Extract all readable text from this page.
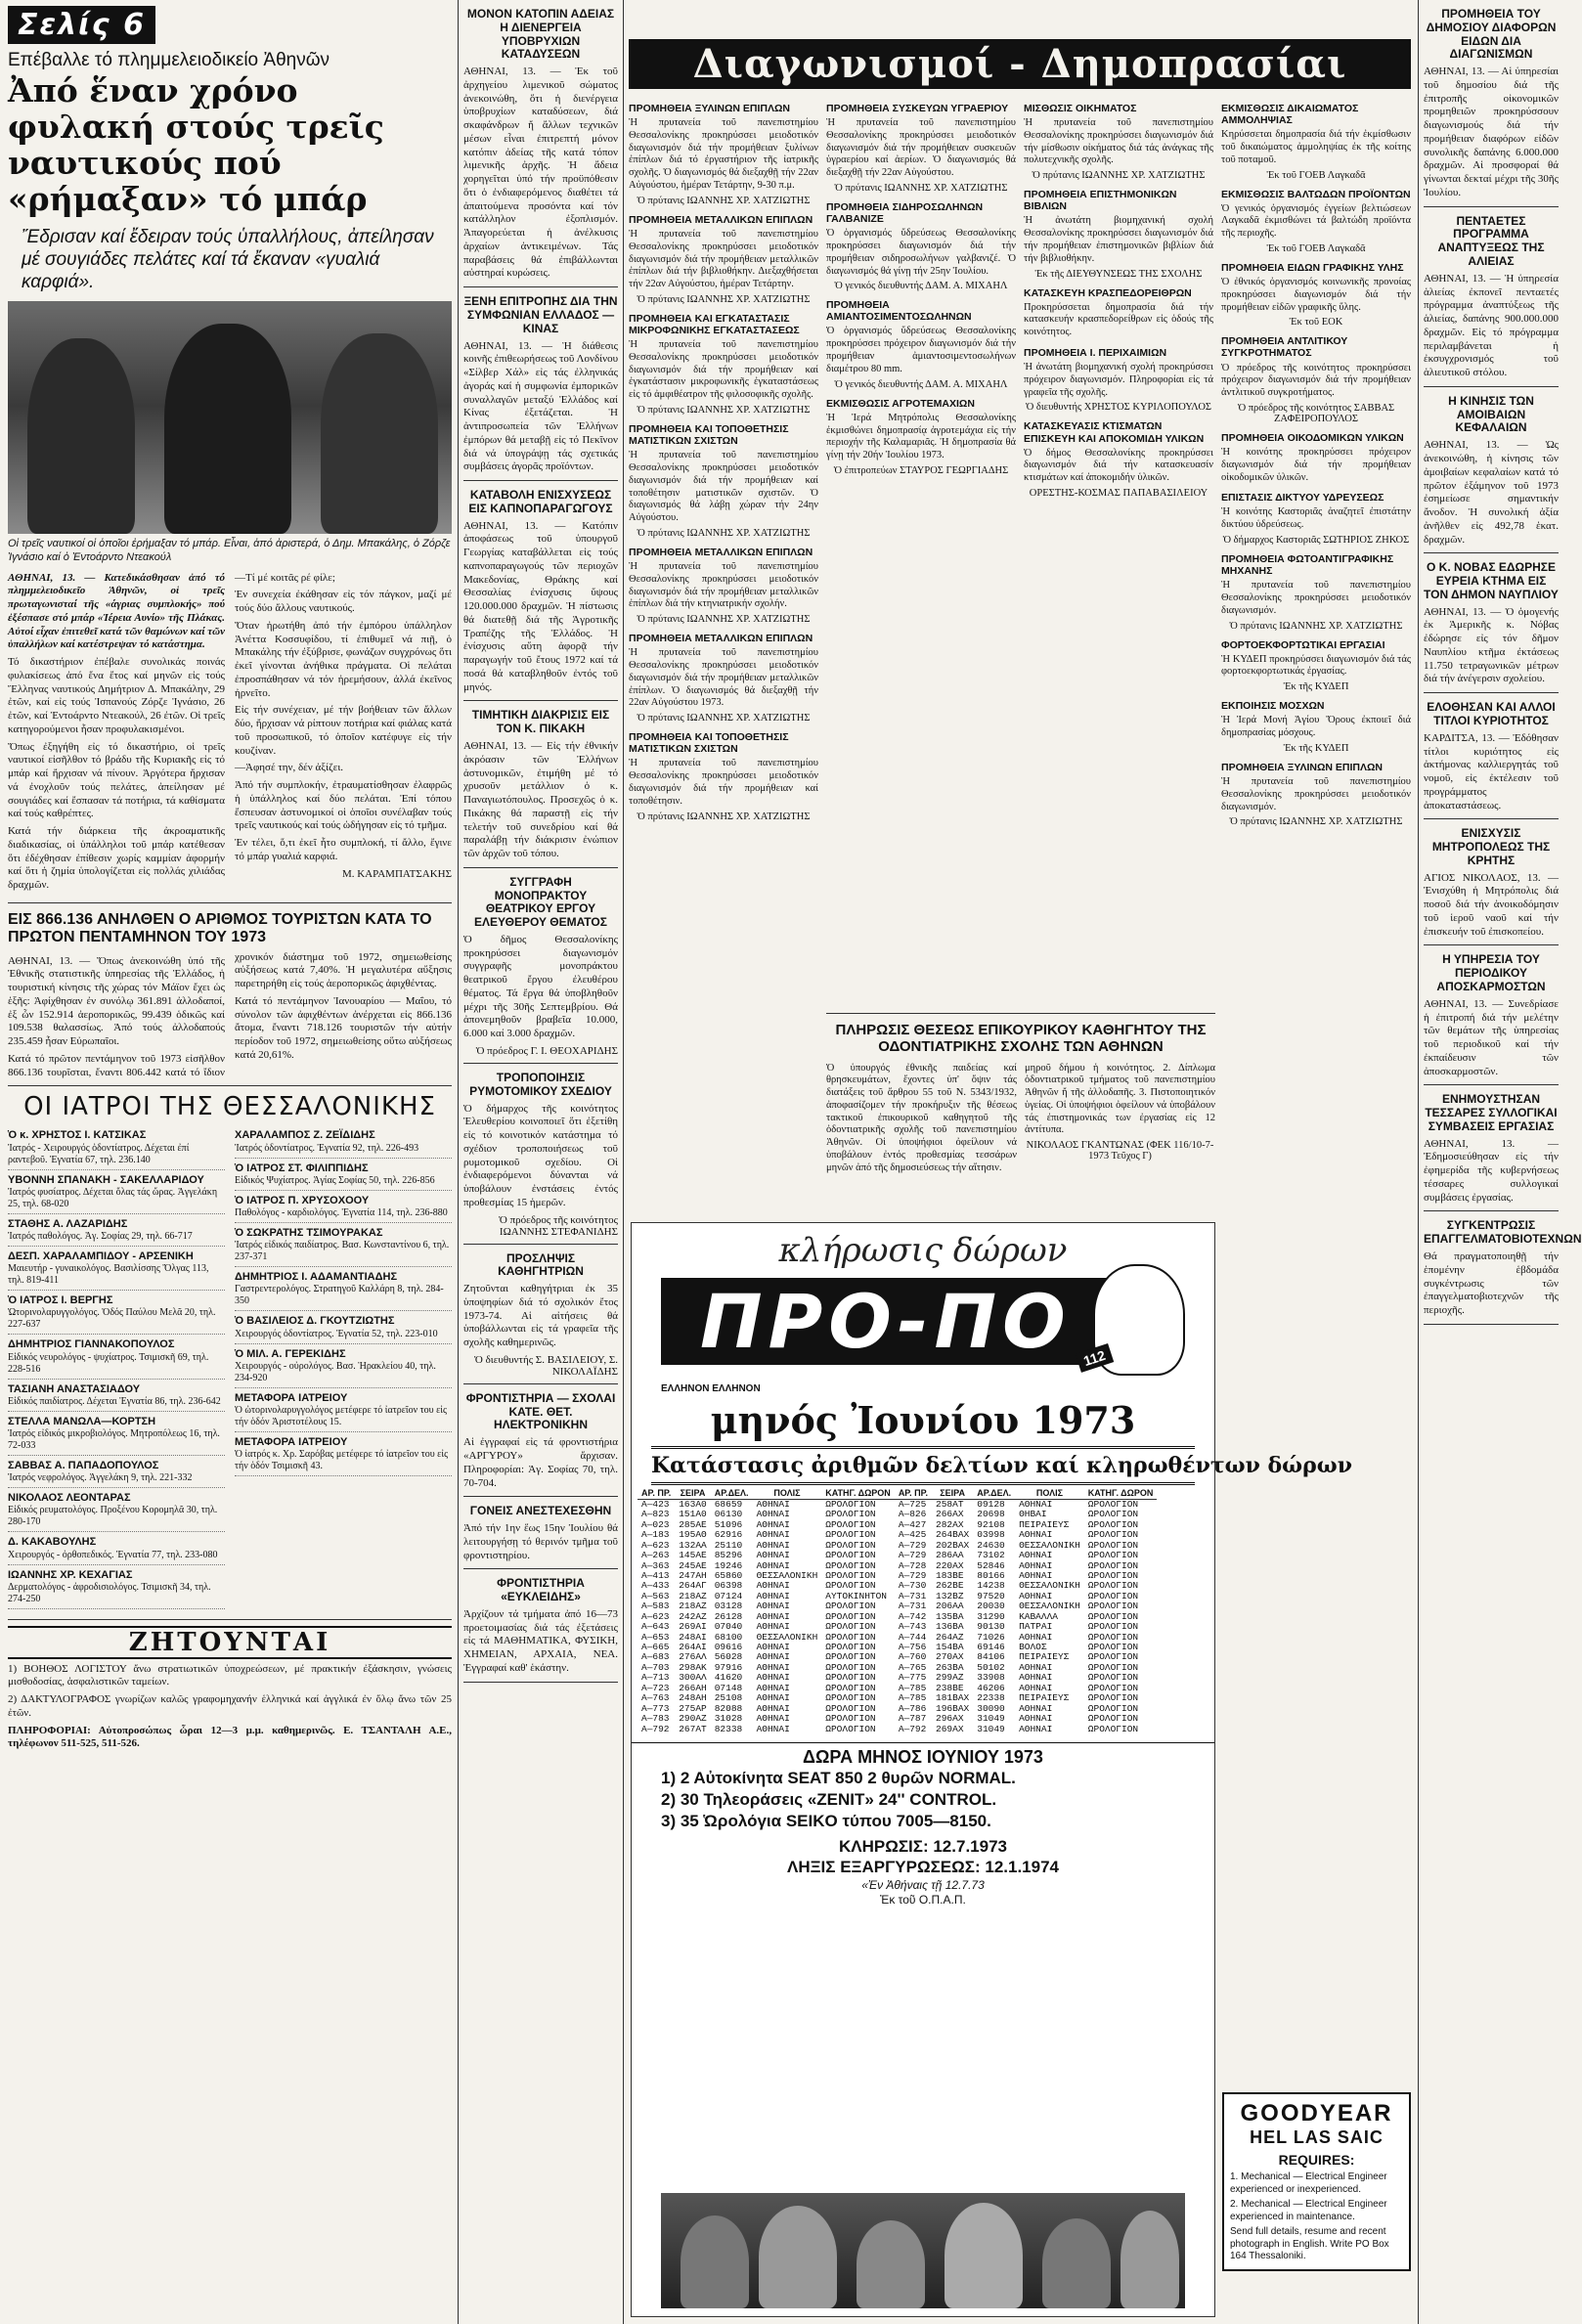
Σελίς 6
Επέβαλλε τό πλημμελειοδικείο Ἀθηνῶν
Ἀπό ἕναν χρόνο φυλακή στούς τρεῖς ναυτικούς πού «ρήμαξαν» τό μπάρ
Ἔδρισαν καί ἔδειραν τούς ὑπαλλήλους, ἀπείλησαν μέ σουγιάδες πελάτες καί τά ἔκαναν «γυαλιά καρφιά».
Οἱ τρεῖς ναυτικοί οἱ ὁποῖοι ἐρήμαξαν τό μπάρ. Εἶναι, ἀπό ἀριστερά, ὁ Δημ. Μπακάλης, ὁ Ζόρζε Ἰγνάσιο καί ὁ Ἐντοάρντο Ντεακούλ

ΑΘΗΝΑΙ, 13. — Κατεδικάσθησαν ἀπό τό πλημμελειοδικεῖο Ἀθηνῶν, οἱ τρεῖς πρωταγωνισταί τῆς «άγριας συμπλοκής» πού ἐξέσπασε στό μπάρ «Ἰέρεια Αυνίο» τῆς Πλάκας. Αὐτοί εἶχαν ἐπιτεθεῖ κατά τῶν θαμώνων καί τῶν ὑπαλλήλων καί κατέστρεψαν τό κατάστημα.

Τό δικαστήριον ἐπέβαλε συνολικάς ποινάς φυλακίσεως ἀπό ἕνα ἔτος καί μηνῶν εἰς τούς Ἕλληνας ναυτικούς Δημήτριον Δ. Μπακάλην, 29 ἐτῶν, καί εἰς τούς Ἰσπανούς Ζόρζε Ἰγνάσιο, 26 ἐτῶν, καί Ἐντοάρντο Ντεακούλ, 26 ἐτῶν. Οἱ τρεῖς κατηγορούμενοι ἦσαν προφυλακισμένοι.

Ὅπως ἐξηγήθη εἰς τό δικαστήριο, οἱ τρεῖς ναυτικοί εἰσῆλθον τό βράδυ τῆς Κυριακῆς εἰς τό μπάρ καί ἤρχισαν νά πίνουν. Ἀργότερα ἤρχισαν νά ἐνοχλοῦν τούς πελάτες, ἀπείλησαν μέ σουγιάδες καί ἔσπασαν τά ποτήρια, τά καθίσματα καί τούς καθρέπτες.

Κατά τήν διάρκεια τῆς ἀκροαματικῆς διαδικασίας, οἱ ὑπάλληλοι τοῦ μπάρ κατέθεσαν ὅτι ἐδέχθησαν ἐπίθεσιν χωρίς καμμίαν ἀφορμήν καί ὅτι ἡ ζημία ὑπολογίζεται εἰς πολλάς χιλιάδας δραχμῶν.

—Τί μέ κοιτᾶς ρέ φίλε;

Ἐν συνεχεία ἐκάθησαν εἰς τόν πάγκον, μαζί μέ τούς δύο ἄλλους ναυτικούς.

Ὅταν ἠρωτήθη ἀπό τήν ἐμπόρου ὑπάλληλον Ἀνέττα Κοσσυφίδου, τί ἐπιθυμεῖ νά πιῇ, ὁ Μπακάλης τήν ἐξύβρισε, φωνάζων συγχρόνως ὅτι ἐκεῖ γίνονται ἀνήθικα πράγματα. Οἱ πελάται ἐπροσπάθησαν νά τόν ἠρεμήσουν, ἀλλά ἐκεῖνος ἠρνεῖτο.

Εἰς τήν συνέχειαν, μέ τήν βοήθειαν τῶν ἄλλων δύο, ἤρχισαν νά ρίπτουν ποτήρια καί φιάλας κατά τοῦ προσωπικοῦ, τό ὁποῖον κατέφυγε εἰς τήν κουζίναν.

—Ἀφησέ την, δέν ἀξίζει.

Ἀπό τήν συμπλοκήν, ἐτραυματίσθησαν ἐλαφρῶς ἡ ὑπάλληλος καί δύο πελάται. Ἐπί τόπου ἔσπευσαν ἀστυνομικοί οἱ ὁποῖοι συνέλαβαν τούς τρεῖς ναυτικούς καί τούς ὡδήγησαν εἰς τό τμῆμα.

Ἐν τέλει, ὅ,τι ἐκεῖ ἦτο συμπλοκή, τί ἄλλο, ἔγινε τό μπάρ γυαλιά καρφιά.

Μ. ΚΑΡΑΜΠΑΤΣΑΚΗΣ
ΕΙΣ 866.136 ΑΝΗΛΘΕΝ Ο ΑΡΙΘΜΟΣ ΤΟΥΡΙΣΤΩΝ ΚΑΤΑ ΤΟ ΠΡΩΤΟΝ ΠΕΝΤΑΜΗΝΟΝ ΤΟΥ 1973

ΑΘΗΝΑΙ, 13. — Ὅπως ἀνεκοινώθη ὑπό τῆς Ἐθνικῆς στατιστικῆς ὑπηρεσίας τῆς Ἑλλάδος, ἡ τουριστική κίνησις τῆς χώρας τόν Μάϊον ἔχει ὡς ἑξῆς: Ἀφίχθησαν ἐν συνόλῳ 361.891 ἀλλοδαποί, ἐξ ὧν 152.914 ἀεροπορικῶς, 99.439 ὁδικῶς καί 109.538 θαλασσίως. Ἀπό τούς ἀλλοδαπούς 235.459 ἦσαν Εὐρωπαῖοι.

Κατά τό πρῶτον πεντάμηνον τοῦ 1973 εἰσῆλθον 866.136 τουρῖσται, ἔναντι 806.442 κατά τό ἴδιον χρονικόν διάστημα τοῦ 1972, σημειωθείσης αὐξήσεως κατά 7,40%. Ἡ μεγαλυτέρα αὔξησις παρετηρήθη εἰς τούς ἀεροπορικῶς ἀφιχθέντας.

Κατά τό πεντάμηνον Ἰανουαρίου — Μαΐου, τό σύνολον τῶν ἀφιχθέντων ἀνέρχεται εἰς 866.136 ἄτομα, ἔναντι 718.126 τουριστῶν τήν αὐτήν περίοδον τοῦ 1972, σημειωθείσης οὕτω αὐξήσεως κατά 20,61%.

ΟΙ ΙΑΤΡΟΙ ΤΗΣ ΘΕΣΣΑΛΟΝΙΚΗΣ
Ὁ κ. ΧΡΗΣΤΟΣ Ι. ΚΑΤΣΙΚΑΣ
Ἰατρός - Χειρουργός ὀδοντίατρος. Δέχεται ἐπί ραντεβοῦ. Ἐγνατία 67, τηλ. 236.140
ΥΒΟΝΝΗ ΣΠΑΝΑΚΗ - ΣΑΚΕΛΛΑΡΙΔΟΥ
Ἰατρός φυσίατρος. Δέχεται ὅλας τάς ὥρας. Ἀγγελάκη 25, τηλ. 68-020
ΣΤΑΘΗΣ Α. ΛΑΖΑΡΙΔΗΣ
Ἰατρός παθολόγος. Ἁγ. Σοφίας 29, τηλ. 66-717
ΔΕΣΠ. ΧΑΡΑΛΑΜΠΙΔΟΥ - ΑΡΣΕΝΙΚΗ
Μαιευτήρ - γυναικολόγος. Βασιλίσσης Ὄλγας 113, τηλ. 819-411
Ὁ ΙΑΤΡΟΣ Ι. ΒΕΡΓΗΣ
Ὠτορινολαρυγγολόγος. Ὁδός Παύλου Μελᾶ 20, τηλ. 227-637
ΔΗΜΗΤΡΙΟΣ ΓΙΑΝΝΑΚΟΠΟΥΛΟΣ
Εἰδικός νευρολόγος - ψυχίατρος. Τσιμισκῆ 69, τηλ. 228-516
ΤΑΣΙΑΝΗ ΑΝΑΣΤΑΣΙΑΔΟΥ
Εἰδικός παιδίατρος. Δέχεται Ἐγνατία 86, τηλ. 236-642
ΣΤΕΛΛΑ ΜΑΝΩΛΑ—ΚΟΡΤΣΗ
Ἰατρός εἰδικός μικροβιολόγος. Μητροπόλεως 16, τηλ. 72-033
ΣΑΒΒΑΣ Α. ΠΑΠΑΔΟΠΟΥΛΟΣ
Ἰατρός νεφρολόγος. Ἀγγελάκη 9, τηλ. 221-332
ΝΙΚΟΛΑΟΣ ΛΕΟΝΤΑΡΑΣ
Εἰδικός ρευματολόγος. Προξένου Κορομηλᾶ 30, τηλ. 280-170
Δ. ΚΑΚΑΒΟΥΛΗΣ
Χειρουργός - ὀρθοπεδικός. Ἐγνατία 77, τηλ. 233-080
ΙΩΑΝΝΗΣ ΧΡ. ΚΕΧΑΓΙΑΣ
Δερματολόγος - ἀφροδισιολόγος. Τσιμισκῆ 34, τηλ. 274-250
ΧΑΡΑΛΑΜΠΟΣ Ζ. ΖΕΪΔΙΔΗΣ
Ἰατρός ὀδοντίατρος. Ἐγνατία 92, τηλ. 226-493
Ὁ ΙΑΤΡΟΣ ΣΤ. ΦΙΛΙΠΠΙΔΗΣ
Εἰδικός Ψυχίατρος. Ἀγίας Σοφίας 50, τηλ. 226-856
Ὁ ΙΑΤΡΟΣ Π. ΧΡΥΣΟΧΟΟΥ
Παθολόγος - καρδιολόγος. Ἐγνατία 114, τηλ. 236-880
Ὁ ΣΩΚΡΑΤΗΣ ΤΣΙΜΟΥΡΑΚΑΣ
Ἰατρός εἰδικός παιδίατρος. Βασ. Κωνσταντίνου 6, τηλ. 237-371
ΔΗΜΗΤΡΙΟΣ Ι. ΑΔΑΜΑΝΤΙΑΔΗΣ
Γαστρεντερολόγος. Στρατηγοῦ Καλλάρη 8, τηλ. 284-350
Ὁ ΒΑΣΙΛΕΙΟΣ Δ. ΓΚΟΥΤΖΙΩΤΗΣ
Χειρουργός ὀδοντίατρος. Ἐγνατία 52, τηλ. 223-010
Ὁ ΜΙΛ. Α. ΓΕΡΕΚΙΔΗΣ
Χειρουργός - οὐρολόγος. Βασ. Ἡρακλείου 40, τηλ. 234-920
ΜΕΤΑΦΟΡΑ ΙΑΤΡΕΙΟΥ
Ὁ ὠτορινολαρυγγολόγος μετέφερε τό ἰατρεῖον του εἰς τήν ὁδόν Ἀριστοτέλους 15.
ΜΕΤΑΦΟΡΑ ΙΑΤΡΕΙΟΥ
Ὁ ἰατρός κ. Χρ. Σαρόβας μετέφερε τό ἰατρεῖον του εἰς τήν ὁδόν Τσιμισκῆ 43.
ΖΗΤΟΥΝΤΑΙ

1) ΒΟΗΘΟΣ ΛΟΓΙΣΤΟΥ ἄνω στρατιωτικῶν ὑποχρεώσεων, μέ πρακτικήν ἐξάσκησιν, γνώσεις μισθοδοσίας, ἀσφαλιστικῶν ταμείων.

2) ΔΑΚΤΥΛΟΓΡΑΦΟΣ γνωρίζων καλῶς γραφομηχανήν ἑλληνικά καί ἀγγλικά ἐν ὅλῳ ἄνω τῶν 25 ἐτῶν.

ΠΛΗΡΟΦΟΡΙΑΙ: Αὐτοπροσώπως ὧραι 12—3 μ.μ. καθημερινῶς. Ε. ΤΣΑΝΤΑΛΗ Α.Ε., τηλέφωνον 511-525, 511-526.

ΜΟΝΟΝ ΚΑΤΟΠΙΝ ΑΔΕΙΑΣ Η ΔΙΕΝΕΡΓΕΙΑ ΥΠΟΒΡΥΧΙΩΝ ΚΑΤΑΔΥΣΕΩΝ

ΑΘΗΝΑΙ, 13. — Ἐκ τοῦ ἀρχηγείου λιμενικοῦ σώματος ἀνεκοινώθη, ὅτι ἡ διενέργεια ὑποβρυχίων καταδύσεων, διά σκαφάνδρων ἤ ἄλλων τεχνικῶν μέσων εἶναι ἐπιτρεπτή μόνον κατόπιν ἀδείας τῆς κατά τόπον λιμενικῆς ἀρχῆς. Ἡ ἄδεια χορηγεῖται ὑπό τήν προϋπόθεσιν ὅτι ὁ ἐνδιαφερόμενος διαθέτει τά ἀπαιτούμενα προσόντα καί τόν κατάλληλον ἐξοπλισμόν. Ἀπαγορεύεται ἡ ἀνέλκυσις ἀρχαίων ἀντικειμένων. Τάς παραβάσεις θά ἐπιβάλλωνται αὐστηραί κυρώσεις.

ΞΕΝΗ ΕΠΙΤΡΟΠΗΣ ΔΙΑ ΤΗΝ ΣΥΜΦΩΝΙΑΝ ΕΛΛΑΔΟΣ — ΚΙΝΑΣ

ΑΘΗΝΑΙ, 13. — Ἡ διάθεσις κοινῆς ἐπιθεωρήσεως τοῦ Λονδίνου «Σίλβερ Χάλ» εἰς τάς ἐλληνικάς ἀγοράς καί ἡ συμφωνία ἐμπορικῶν συναλλαγῶν μεταξύ Ἑλλάδος καί Κίνας ἐξετάζεται. Ἡ ἀντιπροσωπεία τῶν Ἑλλήνων ἐμπόρων θά μεταβῇ εἰς τό Πεκῖνον διά νά ὑπογράψῃ τάς σχετικάς συμβάσεις ἀγορᾶς προϊόντων.

ΚΑΤΑΒΟΛΗ ΕΝΙΣΧΥΣΕΩΣ ΕΙΣ ΚΑΠΝΟΠΑΡΑΓΩΓΟΥΣ

ΑΘΗΝΑΙ, 13. — Κατόπιν ἀποφάσεως τοῦ ὑπουργοῦ Γεωργίας καταβάλλεται εἰς τούς καπνοπαραγωγούς τῶν περιοχῶν Μακεδονίας, Θράκης καί Θεσσαλίας ἐνίσχυσις ὕψους 120.000.000 δραχμῶν. Ἡ πίστωσις θά διατεθῇ διά τῆς Ἀγροτικῆς Τραπέζης τῆς Ἑλλάδος. Ἡ ἐνίσχυσις αὕτη ἀφορᾷ τήν παραγωγήν τοῦ ἔτους 1972 καί τά ποσά θά καταβληθοῦν ἐντός τοῦ μηνός.

ΤΙΜΗΤΙΚΗ ΔΙΑΚΡΙΣΙΣ ΕΙΣ ΤΟΝ Κ. ΠΙΚΑΚΗ

ΑΘΗΝΑΙ, 13. — Εἰς τήν ἐθνικήν ἀκρόασιν τῶν Ἑλλήνων ἀστυνομικῶν, ἐτιμήθη μέ τό χρυσοῦν μετάλλιον ὁ κ. Παναγιωτόπουλος. Προσεχῶς ὁ κ. Πικάκης θά παραστῇ εἰς τήν τελετήν τοῦ συνεδρίου καί θά παραλάβῃ τήν διάκρισιν ἐνώπιον τῶν ἀρχῶν τοῦ τόπου.

ΣΥΓΓΡΑΦΗ ΜΟΝΟΠΡΑΚΤΟΥ ΘΕΑΤΡΙΚΟΥ ΕΡΓΟΥ ΕΛΕΥΘΕΡΟΥ ΘΕΜΑΤΟΣ

Ὁ δῆμος Θεσσαλονίκης προκηρύσσει διαγωνισμόν συγγραφῆς μονοπράκτου θεατρικοῦ ἔργου ἐλευθέρου θέματος. Τά ἔργα θά ὑποβληθοῦν μέχρι τῆς 30ῆς Σεπτεμβρίου. Θά ἀπονεμηθοῦν βραβεῖα 10.000, 6.000 καί 3.000 δραχμῶν.

Ὁ πρόεδρος Γ. Ι. ΘΕΟΧΑΡΙΔΗΣ
ΤΡΟΠΟΠΟΙΗΣΙΣ ΡΥΜΟΤΟΜΙΚΟΥ ΣΧΕΔΙΟΥ

Ὁ δήμαρχος τῆς κοινότητος Ἐλευθερίου κοινοποιεῖ ὅτι ἐξετίθη εἰς τό κοινοτικόν κατάστημα τό σχέδιον τροποποιήσεως τοῦ ρυμοτομικοῦ σχεδίου. Οἱ ἐνδιαφερόμενοι δύνανται νά ὑποβάλουν ἐνστάσεις ἐντός προθεσμίας 15 ἡμερῶν.

Ὁ πρόεδρος τῆς κοινότητος ΙΩΑΝΝΗΣ ΣΤΕΦΑΝΙΔΗΣ
ΠΡΟΣΛΗΨΙΣ ΚΑΘΗΓΗΤΡΙΩΝ

Ζητοῦνται καθηγήτριαι ἐκ 35 ὑποψηφίων διά τό σχολικόν ἔτος 1973-74. Αἱ αἰτήσεις θά ὑποβάλλωνται εἰς τά γραφεῖα τῆς σχολῆς καθημερινῶς.

Ὁ διευθυντής Σ. ΒΑΣΙΛΕΙΟΥ, Σ. ΝΙΚΟΛΑΪΔΗΣ
ΦΡΟΝΤΙΣΤΗΡΙΑ — ΣΧΟΛΑΙ ΚΑΤΕ. ΘΕΤ. ΗΛΕΚΤΡΟΝΙΚΗΝ

Αἱ ἐγγραφαί εἰς τά φροντιστήρια «ΑΡΓΥΡΟΥ» ἄρχισαν. Πληροφορίαι: Ἁγ. Σοφίας 70, τηλ. 70-704.

ΓΟΝΕΙΣ ΑΝΕΣΤΕΧΕΣΘΗΝ

Ἀπό τήν 1ην ἕως 15ην Ἰουλίου θά λειτουργήσῃ τό θερινόν τμῆμα τοῦ φροντιστηρίου.

ΦΡΟΝΤΙΣΤΗΡΙΑ «ΕΥΚΛΕΙΔΗΣ»

Ἀρχίζουν τά τμήματα ἀπό 16—73 προετοιμασίας διά τάς ἐξετάσεις εἰς τά ΜΑΘΗΜΑΤΙΚΑ, ΦΥΣΙΚΗ, ΧΗΜΕΙΑΝ, ΑΡΧΑΙΑ, ΝΕΑ. Ἐγγραφαί καθ' ἑκάστην.

Διαγωνισμοί - Δημοπρασίαι
ΠΡΟΜΗΘΕΙΑ ΞΥΛΙΝΩΝ ΕΠΙΠΛΩΝ

Ἡ πρυτανεία τοῦ πανεπιστημίου Θεσσαλονίκης προκηρύσσει μειοδοτικόν διαγωνισμόν διά τήν προμήθειαν ξυλίνων ἐπίπλων διά τό ἐργαστήριον τῆς ἰατρικῆς σχολῆς. Ὁ διαγωνισμός θά διεξαχθῇ τήν 22αν Αὐγούστου, ἡμέραν Τετάρτην, 9-30 π.μ.

Ὁ πρύτανις ΙΩΑΝΝΗΣ ΧΡ. ΧΑΤΖΙΩΤΗΣ
ΠΡΟΜΗΘΕΙΑ ΜΕΤΑΛΛΙΚΩΝ ΕΠΙΠΛΩΝ

Ἡ πρυτανεία τοῦ πανεπιστημίου Θεσσαλονίκης προκηρύσσει μειοδοτικόν διαγωνισμόν διά τήν προμήθειαν μεταλλικῶν ἐπίπλων διά τήν βιβλιοθήκην. Διεξαχθήσεται τήν 22αν Αὐγούστου, ἡμέραν Τετάρτην.

Ὁ πρύτανις ΙΩΑΝΝΗΣ ΧΡ. ΧΑΤΖΙΩΤΗΣ
ΠΡΟΜΗΘΕΙΑ ΚΑΙ ΕΓΚΑΤΑΣΤΑΣΙΣ ΜΙΚΡΟΦΩΝΙΚΗΣ ΕΓΚΑΤΑΣΤΑΣΕΩΣ

Ἡ πρυτανεία τοῦ πανεπιστημίου Θεσσαλονίκης προκηρύσσει μειοδοτικόν διαγωνισμόν διά τήν προμήθειαν καί ἐγκατάστασιν μικροφωνικῆς ἐγκαταστάσεως εἰς τό ἀμφιθέατρον τῆς φιλοσοφικῆς σχολῆς.

Ὁ πρύτανις ΙΩΑΝΝΗΣ ΧΡ. ΧΑΤΖΙΩΤΗΣ
ΠΡΟΜΗΘΕΙΑ ΚΑΙ ΤΟΠΟΘΕΤΗΣΙΣ ΜΑΤΙΣΤΙΚΩΝ ΣΧΙΣΤΩΝ

Ἡ πρυτανεία τοῦ πανεπιστημίου Θεσσαλονίκης προκηρύσσει μειοδοτικόν διαγωνισμόν διά τήν προμήθειαν καί τοποθέτησιν ματιστικῶν σχιστῶν. Ὁ διαγωνισμός θά λάβῃ χώραν τήν 24ην Αὐγούστου.

Ὁ πρύτανις ΙΩΑΝΝΗΣ ΧΡ. ΧΑΤΖΙΩΤΗΣ
ΠΡΟΜΗΘΕΙΑ ΜΕΤΑΛΛΙΚΩΝ ΕΠΙΠΛΩΝ

Ἡ πρυτανεία τοῦ πανεπιστημίου Θεσσαλονίκης προκηρύσσει μειοδοτικόν διαγωνισμόν διά τήν προμήθειαν μεταλλικῶν ἐπίπλων διά τήν κτηνιατρικήν σχολήν.

Ὁ πρύτανις ΙΩΑΝΝΗΣ ΧΡ. ΧΑΤΖΙΩΤΗΣ
ΠΡΟΜΗΘΕΙΑ ΜΕΤΑΛΛΙΚΩΝ ΕΠΙΠΛΩΝ

Ἡ πρυτανεία τοῦ πανεπιστημίου Θεσσαλονίκης προκηρύσσει μειοδοτικόν διαγωνισμόν διά τήν προμήθειαν μεταλλικῶν ἐπίπλων. Ὁ διαγωνισμός θά διεξαχθῇ τήν 22αν Αὐγούστου 1973.

Ὁ πρύτανις ΙΩΑΝΝΗΣ ΧΡ. ΧΑΤΖΙΩΤΗΣ
ΠΡΟΜΗΘΕΙΑ ΚΑΙ ΤΟΠΟΘΕΤΗΣΙΣ ΜΑΤΙΣΤΙΚΩΝ ΣΧΙΣΤΩΝ

Ἡ πρυτανεία τοῦ πανεπιστημίου Θεσσαλονίκης προκηρύσσει μειοδοτικόν διαγωνισμόν διά τήν προμήθειαν καί τοποθέτησιν.

Ὁ πρύτανις ΙΩΑΝΝΗΣ ΧΡ. ΧΑΤΖΙΩΤΗΣ
ΠΡΟΜΗΘΕΙΑ ΣΥΣΚΕΥΩΝ ΥΓΡΑΕΡΙΟΥ

Ἡ πρυτανεία τοῦ πανεπιστημίου Θεσσαλονίκης προκηρύσσει μειοδοτικόν διαγωνισμόν διά τήν προμήθειαν συσκευῶν ὑγραερίου καί ἀερίων. Ὁ διαγωνισμός θά διεξαχθῇ τήν 22αν Αὐγούστου.

Ὁ πρύτανις ΙΩΑΝΝΗΣ ΧΡ. ΧΑΤΖΙΩΤΗΣ
ΠΡΟΜΗΘΕΙΑ ΣΙΔΗΡΟΣΩΛΗΝΩΝ ΓΑΛΒΑΝΙΖΕ

Ὁ ὀργανισμός ὕδρεύσεως Θεσσαλονίκης προκηρύσσει διαγωνισμόν διά τήν προμήθειαν σιδηροσωλήνων γαλβανιζέ. Ὁ διαγωνισμός θά γίνῃ τήν 25ην Ἰουλίου.

Ὁ γενικός διευθυντής ΔΑΜ. Α. ΜΙΧΑΗΛ
ΠΡΟΜΗΘΕΙΑ ΑΜΙΑΝΤΟΣΙΜΕΝΤΟΣΩΛΗΝΩΝ

Ὁ ὀργανισμός ὕδρεύσεως Θεσσαλονίκης προκηρύσσει πρόχειρον διαγωνισμόν διά τήν προμήθειαν ἀμιαντοσιμεντοσωλήνων διαμέτρου 80 mm.

Ὁ γενικός διευθυντής ΔΑΜ. Α. ΜΙΧΑΗΛ
ΕΚΜΙΣΘΩΣΙΣ ΑΓΡΟΤΕΜΑΧΙΩΝ

Ἡ Ἱερά Μητρόπολις Θεσσαλονίκης ἐκμισθώνει δημοπρασίᾳ ἀγροτεμάχια εἰς τήν περιοχήν τῆς Καλαμαριᾶς. Ἡ δημοπρασία θά γίνῃ τήν 20ήν Ἰουλίου 1973.

Ὁ ἐπιτροπεύων ΣΤΑΥΡΟΣ ΓΕΩΡΓΙΑΔΗΣ
ΜΙΣΘΩΣΙΣ ΟΙΚΗΜΑΤΟΣ

Ἡ πρυτανεία τοῦ πανεπιστημίου Θεσσαλονίκης προκηρύσσει διαγωνισμόν διά τήν μίσθωσιν οἰκήματος διά τάς ἀνάγκας τῆς πολυτεχνικῆς σχολῆς.

Ὁ πρύτανις ΙΩΑΝΝΗΣ ΧΡ. ΧΑΤΖΙΩΤΗΣ
ΠΡΟΜΗΘΕΙΑ ΕΠΙΣΤΗΜΟΝΙΚΩΝ ΒΙΒΛΙΩΝ

Ἡ ἀνωτάτη βιομηχανική σχολή Θεσσαλονίκης προκηρύσσει διαγωνισμόν διά τήν προμήθειαν ἐπιστημονικῶν βιβλίων διά τήν βιβλιοθήκην.

Ἐκ τῆς ΔΙΕΥΘΥΝΣΕΩΣ ΤΗΣ ΣΧΟΛΗΣ
ΚΑΤΑΣΚΕΥΗ ΚΡΑΣΠΕΔΟΡΕΙΘΡΩΝ

Προκηρύσσεται δημοπρασία διά τήν κατασκευήν κρασπεδορείθρων εἰς ὁδούς τῆς κοινότητος.

ΠΡΟΜΗΘΕΙΑ Ι. ΠΕΡΙΧΑΙΜΙΩΝ

Ἡ ἀνωτάτη βιομηχανική σχολή προκηρύσσει πρόχειρον διαγωνισμόν. Πληροφορίαι εἰς τά γραφεῖα τῆς σχολῆς.

Ὁ διευθυντής ΧΡΗΣΤΟΣ ΚΥΡΙΛΟΠΟΥΛΟΣ
ΚΑΤΑΣΚΕΥΑΣΙΣ ΚΤΙΣΜΑΤΩΝ ΕΠΙΣΚΕΥΗ ΚΑΙ ΑΠΟΚΟΜΙΔΗ ΥΛΙΚΩΝ

Ὁ δήμος Θεσσαλονίκης προκηρύσσει διαγωνισμόν διά τήν κατασκευασίν κτισμάτων καί ἀποκομιδήν ὑλικῶν.

ΟΡΕΣΤΗΣ-ΚΟΣΜΑΣ ΠΑΠΑΒΑΣΙΛΕΙΟΥ
ΕΚΜΙΣΘΩΣΙΣ ΔΙΚΑΙΩΜΑΤΟΣ ΑΜΜΟΛΗΨΙΑΣ

Κηρύσσεται δημοπρασία διά τήν ἐκμίσθωσιν τοῦ δικαιώματος ἀμμοληψίας ἐκ τῆς κοίτης τοῦ ποταμοῦ.

Ἐκ τοῦ ΓΟΕΒ Λαγκαδᾶ
ΕΚΜΙΣΘΩΣΙΣ ΒΑΛΤΩΔΩΝ ΠΡΟΪΟΝΤΩΝ

Ὁ γενικός ὀργανισμός ἐγγείων βελτιώσεων Λαγκαδᾶ ἐκμισθώνει τά βαλτώδη προϊόντα τῆς περιοχῆς.

Ἐκ τοῦ ΓΟΕΒ Λαγκαδᾶ
ΠΡΟΜΗΘΕΙΑ ΕΙΔΩΝ ΓΡΑΦΙΚΗΣ ΥΛΗΣ

Ὁ ἐθνικός ὀργανισμός κοινωνικῆς προνοίας προκηρύσσει διαγωνισμόν διά τήν προμήθειαν εἰδῶν γραφικῆς ὕλης.

Ἐκ τοῦ ΕΟΚ
ΠΡΟΜΗΘΕΙΑ ΑΝΤΛΙΤΙΚΟΥ ΣΥΓΚΡΟΤΗΜΑΤΟΣ

Ὁ πρόεδρος τῆς κοινότητος προκηρύσσει πρόχειρον διαγωνισμόν διά τήν προμήθειαν ἀντλιτικοῦ συγκροτήματος.

Ὁ πρόεδρος τῆς κοινότητος ΣΑΒΒΑΣ ΖΑΦΕΙΡΟΠΟΥΛΟΣ
ΠΡΟΜΗΘΕΙΑ ΟΙΚΟΔΟΜΙΚΩΝ ΥΛΙΚΩΝ

Ἡ κοινότης προκηρύσσει πρόχειρον διαγωνισμόν διά τήν προμήθειαν οἰκοδομικῶν ὑλικῶν.

ΕΠΙΣΤΑΣΙΣ ΔΙΚΤΥΟΥ ΥΔΡΕΥΣΕΩΣ

Ἡ κοινότης Καστοριᾶς ἀναζητεῖ ἐπιστάτην δικτύου ὑδρεύσεως.

Ὁ δήμαρχος Καστοριᾶς ΣΩΤΗΡΙΟΣ ΖΗΚΟΣ
ΠΡΟΜΗΘΕΙΑ ΦΩΤΟΑΝΤΙΓΡΑΦΙΚΗΣ ΜΗΧΑΝΗΣ

Ἡ πρυτανεία τοῦ πανεπιστημίου Θεσσαλονίκης προκηρύσσει μειοδοτικόν διαγωνισμόν.

Ὁ πρύτανις ΙΩΑΝΝΗΣ ΧΡ. ΧΑΤΖΙΩΤΗΣ
ΦΟΡΤΟΕΚΦΟΡΤΩΤΙΚΑΙ ΕΡΓΑΣΙΑΙ

Ἡ ΚΥΔΕΠ προκηρύσσει διαγωνισμόν διά τάς φορτοεκφορτωτικάς ἐργασίας.

Ἐκ τῆς ΚΥΔΕΠ
ΕΚΠΟΙΗΣΙΣ ΜΟΣΧΩΝ

Ἡ Ἱερά Μονή Ἁγίου Ὄρους ἐκποιεῖ διά δημοπρασίας μόσχους.

Ἐκ τῆς ΚΥΔΕΠ
ΠΡΟΜΗΘΕΙΑ ΞΥΛΙΝΩΝ ΕΠΙΠΛΩΝ

Ἡ πρυτανεία τοῦ πανεπιστημίου Θεσσαλονίκης προκηρύσσει μειοδοτικόν διαγωνισμόν.

Ὁ πρύτανις ΙΩΑΝΝΗΣ ΧΡ. ΧΑΤΖΙΩΤΗΣ
ΠΛΗΡΩΣΙΣ ΘΕΣΕΩΣ ΕΠΙΚΟΥΡΙΚΟΥ ΚΑΘΗΓΗΤΟΥ ΤΗΣ ΟΔΟΝΤΙΑΤΡΙΚΗΣ ΣΧΟΛΗΣ ΤΩΝ ΑΘΗΝΩΝ

Ὁ ὑπουργός ἐθνικῆς παιδείας καί θρησκευμάτων, ἔχοντες ὑπ' ὄψιν τάς διατάξεις τοῦ ἄρθρου 55 τοῦ Ν. 5343/1932, ἀποφασίζομεν τήν προκήρυξιν τῆς θέσεως τακτικοῦ ἐπικουρικοῦ καθηγητοῦ τῆς ὀδοντιατρικῆς σχολῆς τοῦ πανεπιστημίου Ἀθηνῶν. Οἱ ὑποψήφιοι ὀφείλουν νά ὑποβάλουν ἐντός προθεσμίας τεσσάρων μηνῶν ἀπό τῆς δημοσιεύσεως τήν αἴτησιν.

μηροῦ δήμου ἡ κοινότητος. 2. Δίπλωμα ὀδοντιατρικοῦ τμήματος τοῦ πανεπιστημίου Ἀθηνῶν ἤ τῆς ἀλλοδαπῆς. 3. Πιστοποιητικόν ὑγείας. Οἱ ὑποψήφιοι ὀφείλουν νά ὑποβάλουν τάς ἐπιστημονικάς των ἐργασίας εἰς 12 ἀντίτυπα.

ΝΙΚΟΛΑΟΣ ΓΚΑΝΤΩΝΑΣ (ΦΕΚ 116/10-7-1973 Τεῦχος Γ)
κλήρωσις δώρων
ΠΡΟ-ΠΟ 112
ΕΛΛΗΝΟΝ ΕΛΛΗΝΟΝ
μηνός Ἰουνίου 1973
Κατάστασις ἀριθμῶν δελτίων καί κληρωθέντων δώρων
ΑΡ. ΠΡ.	ΣΕΙΡΑ	ΑΡ.ΔΕΛ.	ΠΟΛΙΣ	ΚΑΤΗΓ. ΔΩΡΟΝ	ΑΡ. ΠΡ.	ΣΕΙΡΑ	ΑΡ.ΔΕΛ.	ΠΟΛΙΣ	ΚΑΤΗΓ. ΔΩΡΟΝ
Α—423	163Α0	68659	ΑΘΗΝΑΙ	ΩΡΟΛΟΓΙΟΝ	Α—725	258ΑΤ	09128	ΑΘΗΝΑΙ	ΩΡΟΛΟΓΙΟΝ
Α—823	151Α0	06130	ΑΘΗΝΑΙ	ΩΡΟΛΟΓΙΟΝ	Α—826	266ΑΧ	20698	ΘΗΒΑΙ	ΩΡΟΛΟΓΙΟΝ
Α—023	285ΑΕ	51096	ΑΘΗΝΑΙ	ΩΡΟΛΟΓΙΟΝ	Α—427	282ΑΧ	92108	ΠΕΙΡΑΙΕΥΣ	ΩΡΟΛΟΓΙΟΝ
Α—183	195ΑΘ	62916	ΑΘΗΝΑΙ	ΩΡΟΛΟΓΙΟΝ	Α—425	264ΒΑΧ	03998	ΑΘΗΝΑΙ	ΩΡΟΛΟΓΙΟΝ
Α—623	132ΑΑ	25110	ΑΘΗΝΑΙ	ΩΡΟΛΟΓΙΟΝ	Α—729	202ΒΑΧ	24630	ΘΕΣΣΑΛΟΝΙΚΗ	ΩΡΟΛΟΓΙΟΝ
Α—263	145ΑΕ	85296	ΑΘΗΝΑΙ	ΩΡΟΛΟΓΙΟΝ	Α—729	286ΑΑ	73102	ΑΘΗΝΑΙ	ΩΡΟΛΟΓΙΟΝ
Α—363	245ΑΕ	19246	ΑΘΗΝΑΙ	ΩΡΟΛΟΓΙΟΝ	Α—728	220ΑΧ	52846	ΑΘΗΝΑΙ	ΩΡΟΛΟΓΙΟΝ
Α—413	247ΑΗ	65860	ΘΕΣΣΑΛΟΝΙΚΗ	ΩΡΟΛΟΓΙΟΝ	Α—729	183ΒΕ	80166	ΑΘΗΝΑΙ	ΩΡΟΛΟΓΙΟΝ
Α—433	264ΑΓ	06398	ΑΘΗΝΑΙ	ΩΡΟΛΟΓΙΟΝ	Α—730	262ΒΕ	14238	ΘΕΣΣΑΛΟΝΙΚΗ	ΩΡΟΛΟΓΙΟΝ
Α—563	218ΑΖ	07124	ΑΘΗΝΑΙ	ΑΥΤΟΚΙΝΗΤΟΝ	Α—731	132ΒΖ	97520	ΑΘΗΝΑΙ	ΩΡΟΛΟΓΙΟΝ
Α—583	218ΑΖ	03128	ΑΘΗΝΑΙ	ΩΡΟΛΟΓΙΟΝ	Α—731	206ΑΑ	20030	ΘΕΣΣΑΛΟΝΙΚΗ	ΩΡΟΛΟΓΙΟΝ
Α—623	242ΑΖ	26128	ΑΘΗΝΑΙ	ΩΡΟΛΟΓΙΟΝ	Α—742	135ΒΑ	31290	ΚΑΒΑΛΛΑ	ΩΡΟΛΟΓΙΟΝ
Α—643	269ΑΙ	07040	ΑΘΗΝΑΙ	ΩΡΟΛΟΓΙΟΝ	Α—743	136ΒΑ	90130	ΠΑΤΡΑΙ	ΩΡΟΛΟΓΙΟΝ
Α—653	248ΑΙ	68100	ΘΕΣΣΑΛΟΝΙΚΗ	ΩΡΟΛΟΓΙΟΝ	Α—744	264ΑΖ	71026	ΑΘΗΝΑΙ	ΩΡΟΛΟΓΙΟΝ
Α—665	264ΑΙ	09616	ΑΘΗΝΑΙ	ΩΡΟΛΟΓΙΟΝ	Α—756	154ΒΑ	69146	ΒΟΛΟΣ	ΩΡΟΛΟΓΙΟΝ
Α—683	276ΑΛ	56028	ΑΘΗΝΑΙ	ΩΡΟΛΟΓΙΟΝ	Α—760	270ΑΧ	84106	ΠΕΙΡΑΙΕΥΣ	ΩΡΟΛΟΓΙΟΝ
Α—703	298ΑΚ	97916	ΑΘΗΝΑΙ	ΩΡΟΛΟΓΙΟΝ	Α—765	263ΒΑ	50102	ΑΘΗΝΑΙ	ΩΡΟΛΟΓΙΟΝ
Α—713	300ΑΛ	41620	ΑΘΗΝΑΙ	ΩΡΟΛΟΓΙΟΝ	Α—775	299ΑΖ	33908	ΑΘΗΝΑΙ	ΩΡΟΛΟΓΙΟΝ
Α—723	266ΑΗ	07148	ΑΘΗΝΑΙ	ΩΡΟΛΟΓΙΟΝ	Α—785	238ΒΕ	46206	ΑΘΗΝΑΙ	ΩΡΟΛΟΓΙΟΝ
Α—763	248ΑΗ	25108	ΑΘΗΝΑΙ	ΩΡΟΛΟΓΙΟΝ	Α—785	181ΒΑΧ	22338	ΠΕΙΡΑΙΕΥΣ	ΩΡΟΛΟΓΙΟΝ
Α—773	275ΑΡ	82088	ΑΘΗΝΑΙ	ΩΡΟΛΟΓΙΟΝ	Α—786	196ΒΑΧ	30090	ΑΘΗΝΑΙ	ΩΡΟΛΟΓΙΟΝ
Α—783	290ΑΖ	31028	ΑΘΗΝΑΙ	ΩΡΟΛΟΓΙΟΝ	Α—787	296ΑΧ	31049	ΑΘΗΝΑΙ	ΩΡΟΛΟΓΙΟΝ
Α—792	267ΑΤ	82338	ΑΘΗΝΑΙ	ΩΡΟΛΟΓΙΟΝ	Α—792	269ΑΧ	31049	ΑΘΗΝΑΙ	ΩΡΟΛΟΓΙΟΝ
ΔΩΡΑ ΜΗΝΟΣ ΙΟΥΝΙΟΥ 1973
1) 2 Αὐτοκίνητα SEAT 850 2 θυρῶν NORMAL.
2) 30 Τηλεοράσεις «ZENIT» 24'' CONTROL.
3) 35 Ὡρολόγια SEIKO τύπου 7005—8150.
ΚΛΗΡΩΣΙΣ: 12.7.1973
ΛΗΞΙΣ ΕΞΑΡΓΥΡΩΣΕΩΣ: 12.1.1974
«Ἐν Ἀθήναις τῇ 12.7.73
Ἐκ τοῦ Ο.Π.Α.Π.
GOODYEAR
HEL LAS SAIC
REQUIRES:
1. Mechanical — Electrical Engineer experienced or inexperienced.
2. Mechanical — Electrical Engineer experienced in maintenance.
Send full details, resume and recent photograph in English. Write PO Box 164 Thessaloniki.
ΠΡΟΜΗΘΕΙΑ ΤΟΥ ΔΗΜΟΣΙΟΥ ΔΙΑΦΟΡΩΝ ΕΙΔΩΝ ΔΙΑ ΔΙΑΓΩΝΙΣΜΩΝ

ΑΘΗΝΑΙ, 13. — Αἱ ὑπηρεσίαι τοῦ δημοσίου διά τῆς ἐπιτροπῆς οἰκονομικῶν προμηθειῶν προκηρύσσουν διαγωνισμούς διά τήν προμήθειαν διαφόρων εἰδῶν συνολικῆς δαπάνης 6.000.000 δραχμῶν. Αἱ προσφοραί θά γίνωνται δεκταί μέχρι τῆς 30ῆς Ἰουλίου.

ΠΕΝΤΑΕΤΕΣ ΠΡΟΓΡΑΜΜΑ ΑΝΑΠΤΥΞΕΩΣ ΤΗΣ ΑΛΙΕΙΑΣ

ΑΘΗΝΑΙ, 13. — Ἡ ὑπηρεσία ἁλιείας ἐκπονεῖ πενταετές πρόγραμμα ἀναπτύξεως τῆς ἁλιείας, δαπάνης 900.000.000 δραχμῶν. Εἰς τό πρόγραμμα περιλαμβάνεται ἡ ἐκσυγχρονισμός τοῦ ἁλιευτικοῦ στόλου.

Η ΚΙΝΗΣΙΣ ΤΩΝ ΑΜΟΙΒΑΙΩΝ ΚΕΦΑΛΑΙΩΝ

ΑΘΗΝΑΙ, 13. — Ὡς ἀνεκοινώθη, ἡ κίνησις τῶν ἀμοιβαίων κεφαλαίων κατά τό πρῶτον ἑξάμηνον τοῦ 1973 ἐσημείωσε σημαντικήν ἄνοδον. Ἡ συνολική ἀξία ἀνῆλθεν εἰς 492,78 ἑκατ. δραχμῶν.

Ο Κ. ΝΟΒΑΣ ΕΔΩΡΗΣΕ ΕΥΡΕΙΑ ΚΤΗΜΑ ΕΙΣ ΤΟΝ ΔΗΜΟΝ ΝΑΥΠΛΙΟΥ

ΑΘΗΝΑΙ, 13. — Ὁ ὁμογενής ἐκ Ἀμερικῆς κ. Νόβας ἐδώρησε εἰς τόν δῆμον Ναυπλίου κτῆμα ἐκτάσεως 11.750 τετραγωνικῶν μέτρων διά τήν ἀνέγερσιν σχολείου.

ΕΛΟΘΗΣΑΝ ΚΑΙ ΑΛΛΟΙ ΤΙΤΛΟΙ ΚΥΡΙΟΤΗΤΟΣ

ΚΑΡΔΙΤΣΑ, 13. — Ἐδόθησαν τίτλοι κυριότητος εἰς ἀκτήμονας καλλιεργητάς τοῦ νομοῦ, εἰς ἐκτέλεσιν τοῦ προγράμματος ἀποκαταστάσεως.

ΕΝΙΣΧΥΣΙΣ ΜΗΤΡΟΠΟΛΕΩΣ ΤΗΣ ΚΡΗΤΗΣ

ΑΓΙΟΣ ΝΙΚΟΛΑΟΣ, 13. — Ἐνισχύθη ἡ Μητρόπολις διά ποσοῦ διά τήν ἀνοικοδόμησιν τοῦ ἱεροῦ ναοῦ καί τήν ἐπισκευήν τοῦ ἐπισκοπείου.

Η ΥΠΗΡΕΣΙΑ ΤΟΥ ΠΕΡΙΟΔΙΚΟΥ ΑΠΟΣΚΑΡΜΟΣΤΩΝ

ΑΘΗΝΑΙ, 13. — Συνεδρίασε ἡ ἐπιτροπή διά τήν μελέτην τῶν θεμάτων τῆς ὑπηρεσίας τοῦ περιοδικοῦ καί τήν ἐκπαίδευσιν τῶν ἀποσκαρμοστῶν.

ΕΝΗΜΟΥΣΤΗΣΑΝ ΤΕΣΣΑΡΕΣ ΣΥΛΛΟΓΙΚΑΙ ΣΥΜΒΑΣΕΙΣ ΕΡΓΑΣΙΑΣ

ΑΘΗΝΑΙ, 13. — Ἐδημοσιεύθησαν εἰς τήν ἐφημερίδα τῆς κυβερνήσεως τέσσαρες συλλογικαί συμβάσεις ἐργασίας.

ΣΥΓΚΕΝΤΡΩΣΙΣ ΕΠΑΓΓΕΛΜΑΤΟΒΙΟΤΕΧΝΩΝ

Θά πραγματοποιηθῇ τήν ἑπομένην ἑβδομάδα συγκέντρωσις τῶν ἐπαγγελματοβιοτεχνῶν τῆς περιοχῆς.
